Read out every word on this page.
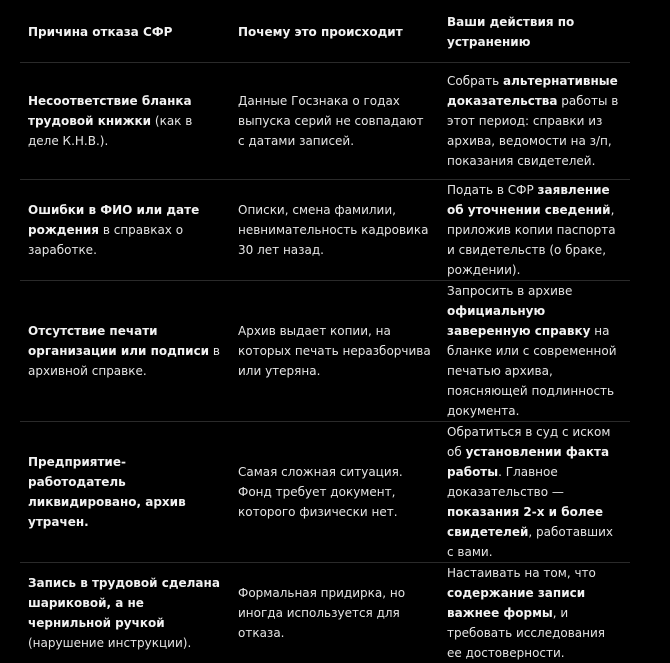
Причина отказа СФР	Почему это происходит	Ваши действия по устранению
Несоответствие бланка трудовой книжки (как в деле К.Н.В.).	Данные Госзнака о годах выпуска серий не совпадают с датами записей.	Собрать альтернативные доказательства работы в этот период: справки из архива, ведомости на з/п, показания свидетелей.
Ошибки в ФИО или дате рождения в справках о заработке.	Описки, смена фамилии, невнимательность кадровика 30 лет назад.	Подать в СФР заявление об уточнении сведений, приложив копии паспорта и свидетельств (о браке, рождении).
Отсутствие печати организации или подписи в архивной справке.	Архив выдает копии, на которых печать неразборчива или утеряна.	Запросить в архиве официальную заверенную справку на бланке или с современной печатью архива, поясняющей подлинность документа.
Предприятие-работодатель ликвидировано, архив утрачен.	Самая сложная ситуация. Фонд требует документ, которого физически нет.	Обратиться в суд с иском об установлении факта работы. Главное доказательство — показания 2-х и более свидетелей, работавших с вами.
Запись в трудовой сделана шариковой, а не чернильной ручкой (нарушение инструкции).	Формальная придирка, но иногда используется для отказа.	Настаивать на том, что содержание записи важнее формы, и требовать исследования ее достоверности.
